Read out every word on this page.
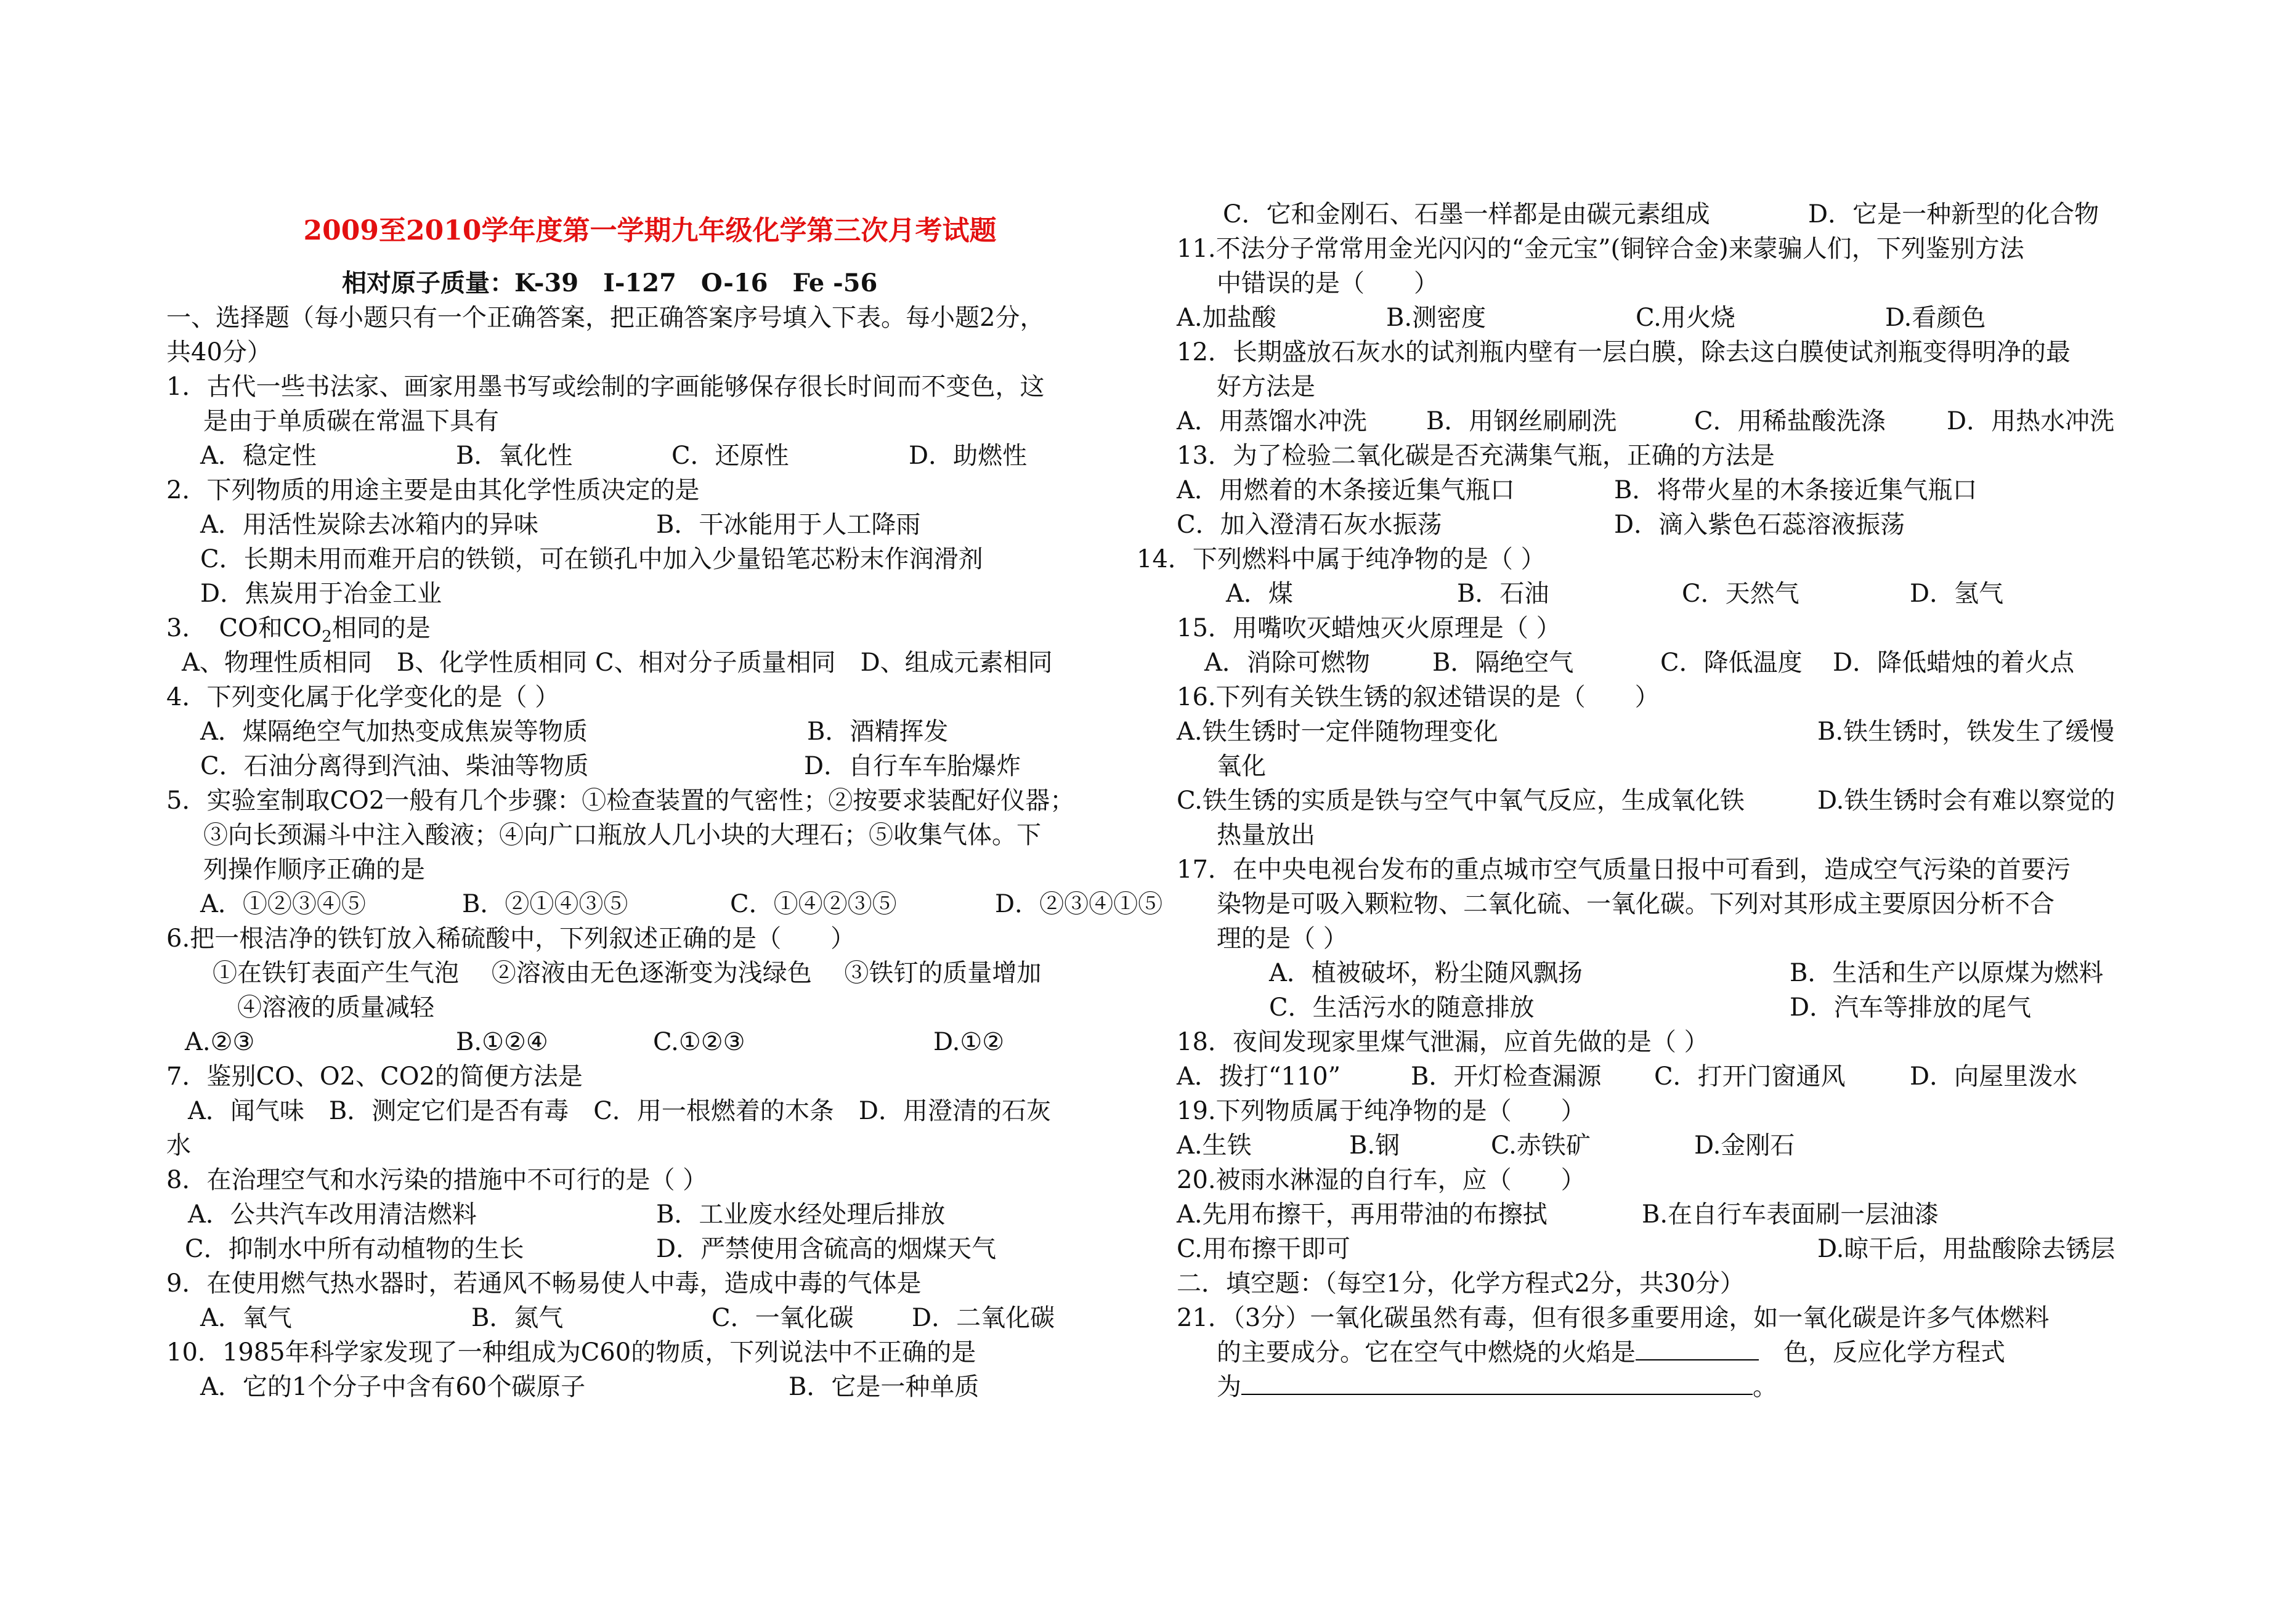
2009至2010学年度第一学期九年级化学第三次月考试题
相对原子质量：K-39　I-127　O-16　Fe -56
一、选择题（每小题只有一个正确答案，把正确答案序号填入下表。每小题2分，
共40分）
1．古代一些书法家、画家用墨书写或绘制的字画能够保存很长时间而不变色，这
是由于单质碳在常温下具有
A．稳定性	B．氧化性	C．还原性	D．助燃性
2．下列物质的用途主要是由其化学性质决定的是
A．用活性炭除去冰箱内的异味	B．干冰能用于人工降雨
C．长期未用而难开启的铁锁，可在锁孔中加入少量铅笔芯粉末作润滑剂
D．焦炭用于冶金工业
3．　CO和$CO_2$相同的是
A、物理性质相同　B、化学性质相同 C、相对分子质量相同　D、组成元素相同
4．下列变化属于化学变化的是（ ）
A．煤隔绝空气加热变成焦炭等物质	B．酒精挥发
C．石油分离得到汽油、柴油等物质	D．自行车车胎爆炸
5．实验室制取CO2一般有几个步骤：①检查装置的气密性；②按要求装配好仪器；
③向长颈漏斗中注入酸液；④向广口瓶放人几小块的大理石；⑤收集气体。下
列操作顺序正确的是
A．①②③④⑤	B．②①④③⑤	C．①④②③⑤	D．②③④①⑤
6.把一根洁净的铁钉放入稀硫酸中，下列叙述正确的是（　　）
①在铁钉表面产生气泡　 ②溶液由无色逐渐变为浅绿色　 ③铁钉的质量增加
④溶液的质量减轻
A.②③	B.①②④	C.①②③	D.①②
7．鉴别CO、O2、CO2的简便方法是
A．闻气味　B．测定它们是否有毒　C．用一根燃着的木条　D．用澄清的石灰
水
8．在治理空气和水污染的措施中不可行的是（ ）
A．公共汽车改用清洁燃料	B．工业废水经处理后排放
C．抑制水中所有动植物的生长	D．严禁使用含硫高的烟煤天气
9．在使用燃气热水器时，若通风不畅易使人中毒，造成中毒的气体是
A．氧气	B．氮气	C．一氧化碳 D．二氧化碳
10．1985年科学家发现了一种组成为C60的物质，下列说法中不正确的是
A．它的1个分子中含有60个碳原子	B．它是一种单质
C．它和金刚石、石墨一样都是由碳元素组成	D．它是一种新型的化合物
11.不法分子常常用金光闪闪的“金元宝”(铜锌合金)来蒙骗人们，下列鉴别方法
中错误的是（　　）
A.加盐酸	B.测密度	C.用火烧	D.看颜色
12．长期盛放石灰水的试剂瓶内壁有一层白膜，除去这白膜使试剂瓶变得明净的最
好方法是
A．用蒸馏水冲洗 B．用钢丝刷刷洗	C．用稀盐酸洗涤 D．用热水冲洗
13．为了检验二氧化碳是否充满集气瓶，正确的方法是
A．用燃着的木条接近集气瓶口	B．将带火星的木条接近集气瓶口
C．加入澄清石灰水振荡	D．滴入紫色石蕊溶液振荡
14．下列燃料中属于纯净物的是（ ）
A．煤	B．石油	C．天然气	D．氢气
15．用嘴吹灭蜡烛灭火原理是（ ）
A．消除可燃物	B．隔绝空气	C．降低温度 D．降低蜡烛的着火点
16.下列有关铁生锈的叙述错误的是（　　）
A.铁生锈时一定伴随物理变化	B.铁生锈时，铁发生了缓慢
氧化
C.铁生锈的实质是铁与空气中氧气反应，生成氧化铁	D.铁生锈时会有难以察觉的
热量放出
17．在中央电视台发布的重点城市空气质量日报中可看到，造成空气污染的首要污
染物是可吸入颗粒物、二氧化硫、一氧化碳。下列对其形成主要原因分析不合
理的是（ ）
A．植被破坏，粉尘随风飘扬	B．生活和生产以原煤为燃料
C．生活污水的随意排放	D．汽车等排放的尾气
18．夜间发现家里煤气泄漏，应首先做的是（ ）
A．拨打“110”	B．开灯检查漏源 C．打开门窗通风	D．向屋里泼水
19.下列物质属于纯净物的是（　　）
A.生铁	B.钢	C.赤铁矿	D.金刚石
20.被雨水淋湿的自行车，应（　　）
A.先用布擦干，再用带油的布擦拭	B.在自行车表面刷一层油漆
C.用布擦干即可	D.晾干后，用盐酸除去锈层
二．填空题：（每空1分，化学方程式2分，共30分）
21．（3分）一氧化碳虽然有毒，但有很多重要用途，如一氧化碳是许多气体燃料
的主要成分。它在空气中燃烧的火焰是　	色，反应化学方程式
为	。
